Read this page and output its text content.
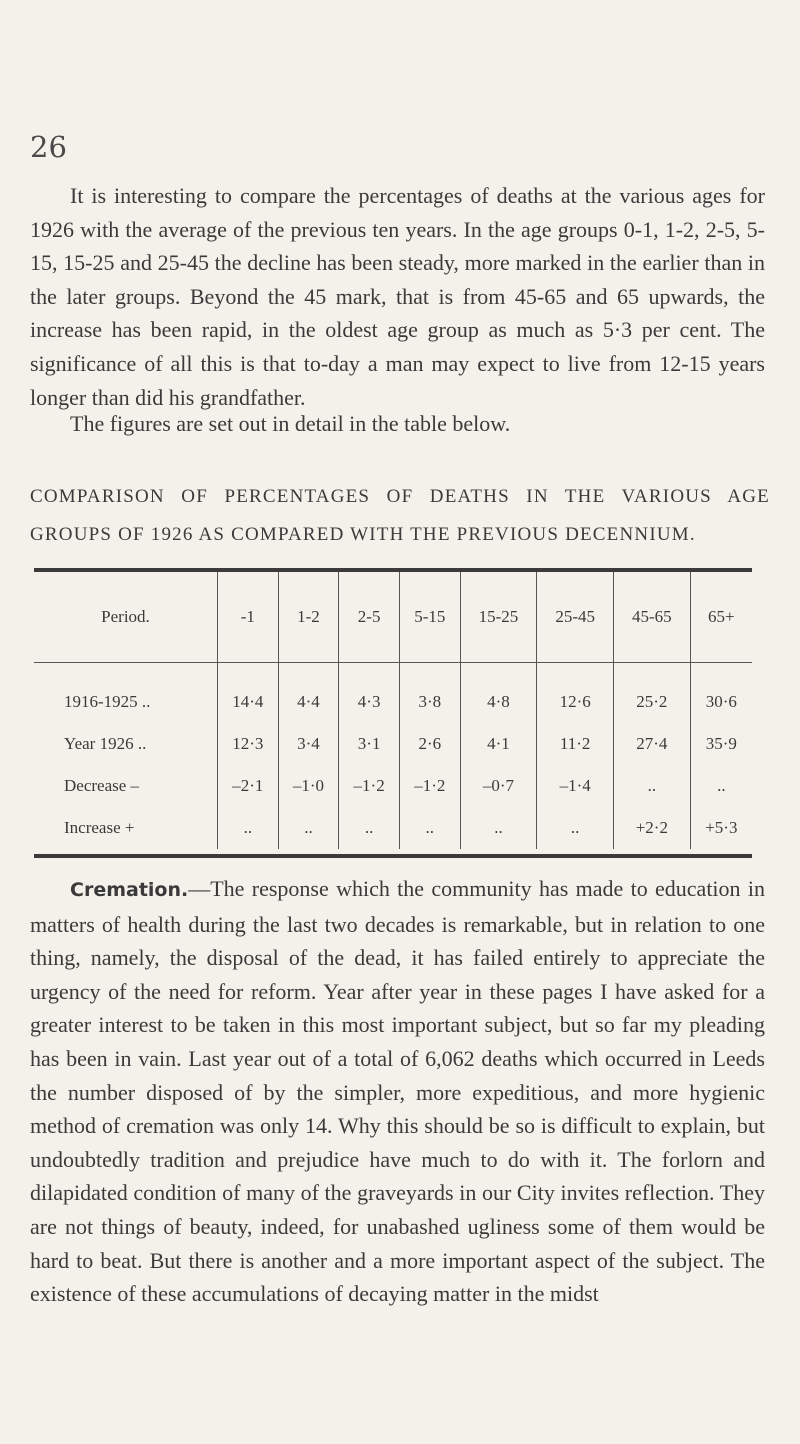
26

It is interesting to compare the percentages of deaths at the various ages for 1926 with the average of the previous ten years. In the age groups 0-1, 1-2, 2-5, 5-15, 15-25 and 25-45 the decline has been steady, more marked in the earlier than in the later groups. Beyond the 45 mark, that is from 45-65 and 65 upwards, the increase has been rapid, in the oldest age group as much as 5·3 per cent. The significance of all this is that to-day a man may expect to live from 12-15 years longer than did his grandfather.

The figures are set out in detail in the table below.

COMPARISON OF PERCENTAGES OF DEATHS IN THE VARIOUS AGE
GROUPS OF 1926 AS COMPARED WITH THE PREVIOUS DECENNIUM.
Period.	-1	1-2	2-5	5-15	15-25	25-45	45-65	65+
1916-1925 ..	14·4	4·4	4·3	3·8	4·8	12·6	25·2	30·6
Year 1926 ..	12·3	3·4	3·1	2·6	4·1	11·2	27·4	35·9
Decrease –	–2·1	–1·0	–1·2	–1·2	–0·7	–1·4	..	..
Increase +	..	..	..	..	..	..	+2·2	+5·3

Cremation.—The response which the community has made to education in matters of health during the last two decades is remarkable, but in relation to one thing, namely, the disposal of the dead, it has failed entirely to appreciate the urgency of the need for reform. Year after year in these pages I have asked for a greater interest to be taken in this most important subject, but so far my pleading has been in vain. Last year out of a total of 6,062 deaths which occurred in Leeds the number disposed of by the simpler, more expeditious, and more hygienic method of cremation was only 14. Why this should be so is difficult to explain, but undoubtedly tradition and prejudice have much to do with it. The forlorn and dilapidated condition of many of the graveyards in our City invites reflection. They are not things of beauty, indeed, for unabashed ugliness some of them would be hard to beat. But there is another and a more important aspect of the subject. The existence of these accumulations of decaying matter in the midst
